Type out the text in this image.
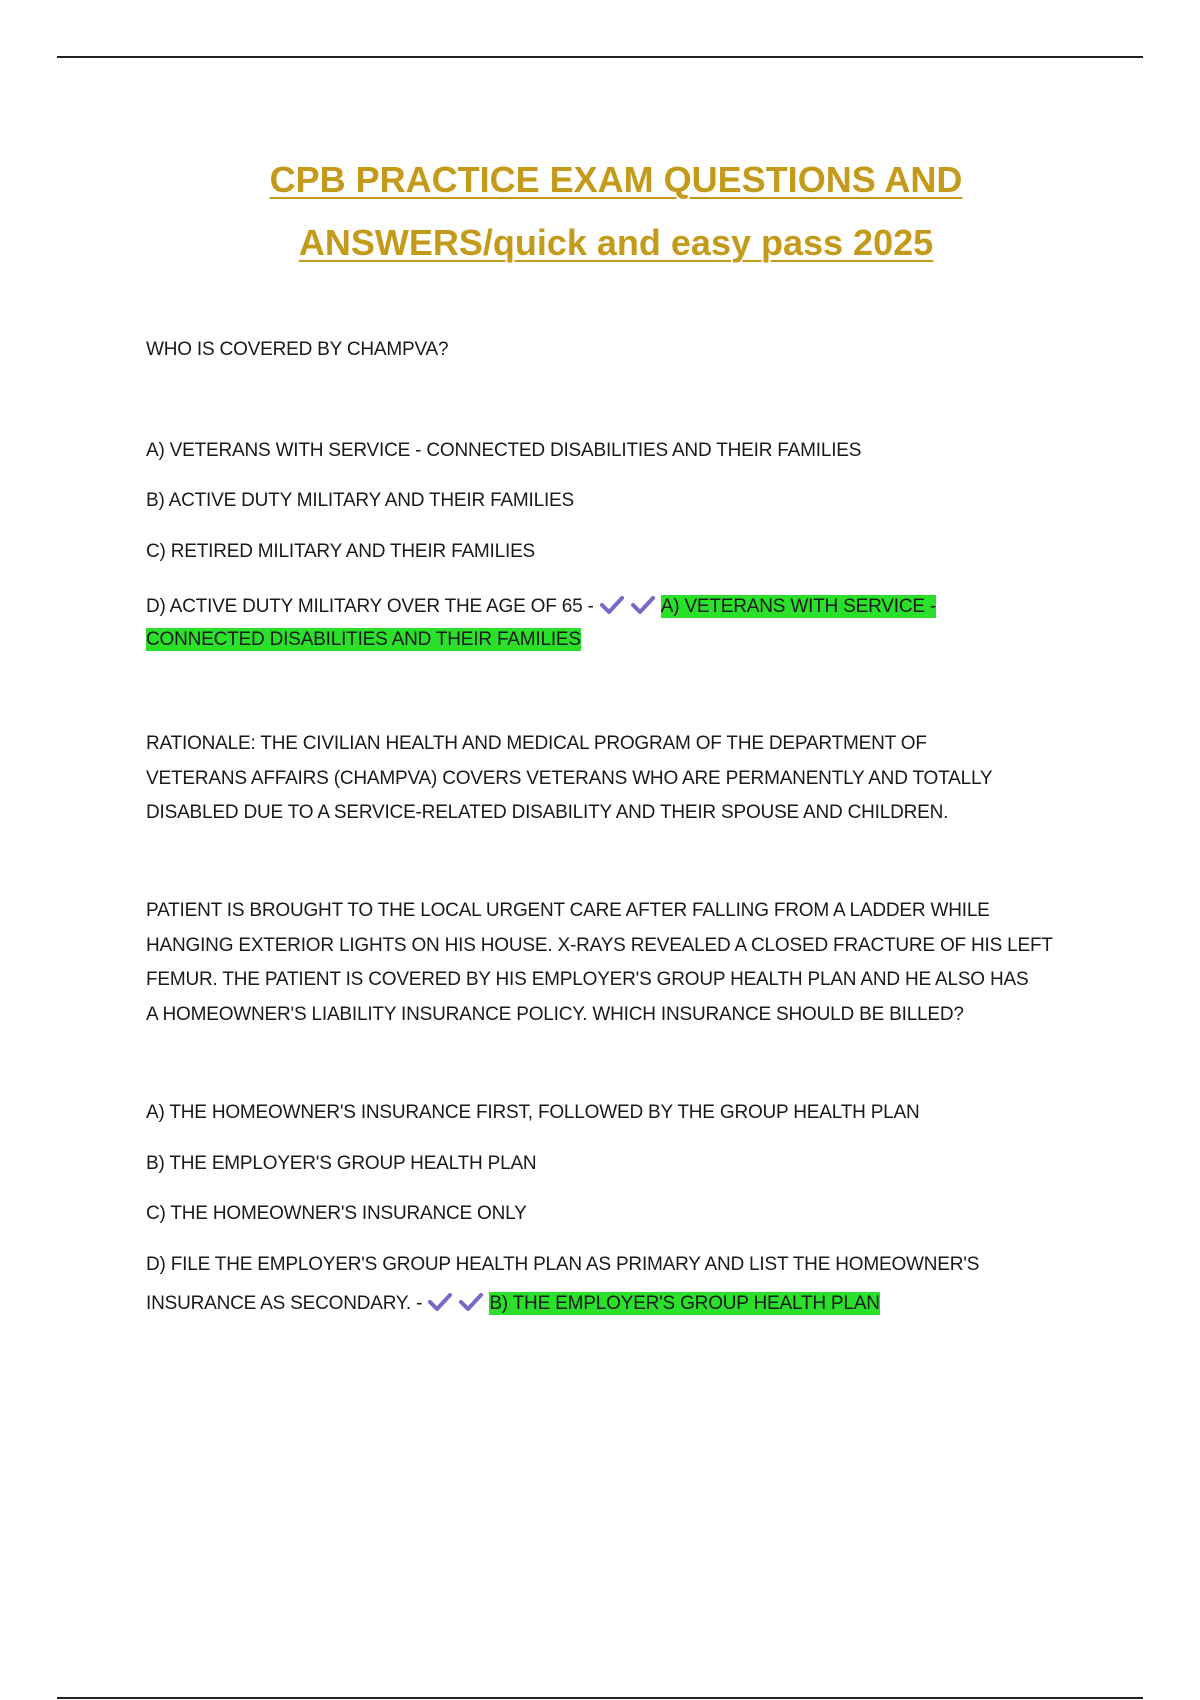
CPB PRACTICE EXAM QUESTIONS AND
ANSWERS/quick and easy pass 2025
WHO IS COVERED BY CHAMPVA?
A) VETERANS WITH SERVICE - CONNECTED DISABILITIES AND THEIR FAMILIES
B) ACTIVE DUTY MILITARY AND THEIR FAMILIES
C) RETIRED MILITARY AND THEIR FAMILIES
D) ACTIVE DUTY MILITARY OVER THE AGE OF 65 -	A) VETERANS WITH SERVICE -
CONNECTED DISABILITIES AND THEIR FAMILIES
RATIONALE: THE CIVILIAN HEALTH AND MEDICAL PROGRAM OF THE DEPARTMENT OF
VETERANS AFFAIRS (CHAMPVA) COVERS VETERANS WHO ARE PERMANENTLY AND TOTALLY
DISABLED DUE TO A SERVICE-RELATED DISABILITY AND THEIR SPOUSE AND CHILDREN.
PATIENT IS BROUGHT TO THE LOCAL URGENT CARE AFTER FALLING FROM A LADDER WHILE
HANGING EXTERIOR LIGHTS ON HIS HOUSE. X-RAYS REVEALED A CLOSED FRACTURE OF HIS LEFT
FEMUR. THE PATIENT IS COVERED BY HIS EMPLOYER'S GROUP HEALTH PLAN AND HE ALSO HAS
A HOMEOWNER'S LIABILITY INSURANCE POLICY. WHICH INSURANCE SHOULD BE BILLED?
A) THE HOMEOWNER'S INSURANCE FIRST, FOLLOWED BY THE GROUP HEALTH PLAN
B) THE EMPLOYER'S GROUP HEALTH PLAN
C) THE HOMEOWNER'S INSURANCE ONLY
D) FILE THE EMPLOYER'S GROUP HEALTH PLAN AS PRIMARY AND LIST THE HOMEOWNER'S
INSURANCE AS SECONDARY. -	B) THE EMPLOYER'S GROUP HEALTH PLAN
